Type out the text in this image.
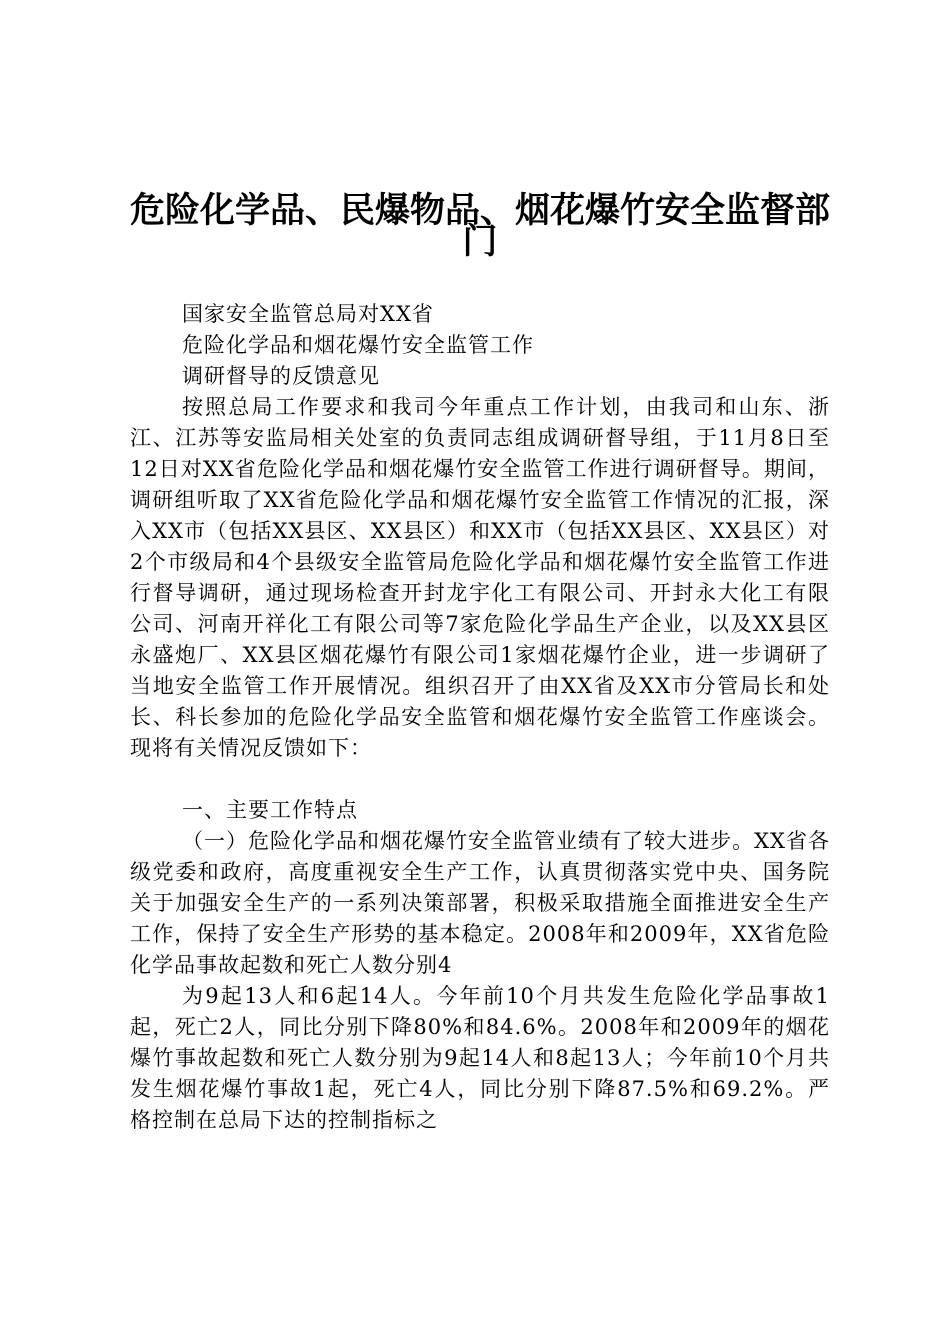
危险化学品、民爆物品、烟花爆竹安全监督部
门

国家安全监管总局对XX省

危险化学品和烟花爆竹安全监管工作

调研督导的反馈意见

按照总局工作要求和我司今年重点工作计划，由我司和山东、浙江、江苏等安监局相关处室的负责同志组成调研督导组，于11月8日至12日对XX省危险化学品和烟花爆竹安全监管工作进行调研督导。期间，调研组听取了XX省危险化学品和烟花爆竹安全监管工作情况的汇报，深入XX市（包括XX县区、XX县区）和XX市（包括XX县区、XX县区）对2个市级局和4个县级安全监管局危险化学品和烟花爆竹安全监管工作进行督导调研，通过现场检查开封龙宇化工有限公司、开封永大化工有限公司、河南开祥化工有限公司等7家危险化学品生产企业，以及XX县区永盛炮厂、XX县区烟花爆竹有限公司1家烟花爆竹企业，进一步调研了当地安全监管工作开展情况。组织召开了由XX省及XX市分管局长和处长、科长参加的危险化学品安全监管和烟花爆竹安全监管工作座谈会。现将有关情况反馈如下：

一、主要工作特点

（一）危险化学品和烟花爆竹安全监管业绩有了较大进步。XX省各级党委和政府，高度重视安全生产工作，认真贯彻落实党中央、国务院关于加强安全生产的一系列决策部署，积极采取措施全面推进安全生产工作，保持了安全生产形势的基本稳定。2008年和2009年，XX省危险化学品事故起数和死亡人数分别4

为9起13人和6起14人。今年前10个月共发生危险化学品事故1起，死亡2人，同比分别下降80%和84.6%。2008年和2009年的烟花爆竹事故起数和死亡人数分别为9起14人和8起13人；今年前10个月共发生烟花爆竹事故1起，死亡4人，同比分别下降87.5%和69.2%。严格控制在总局下达的控制指标之
